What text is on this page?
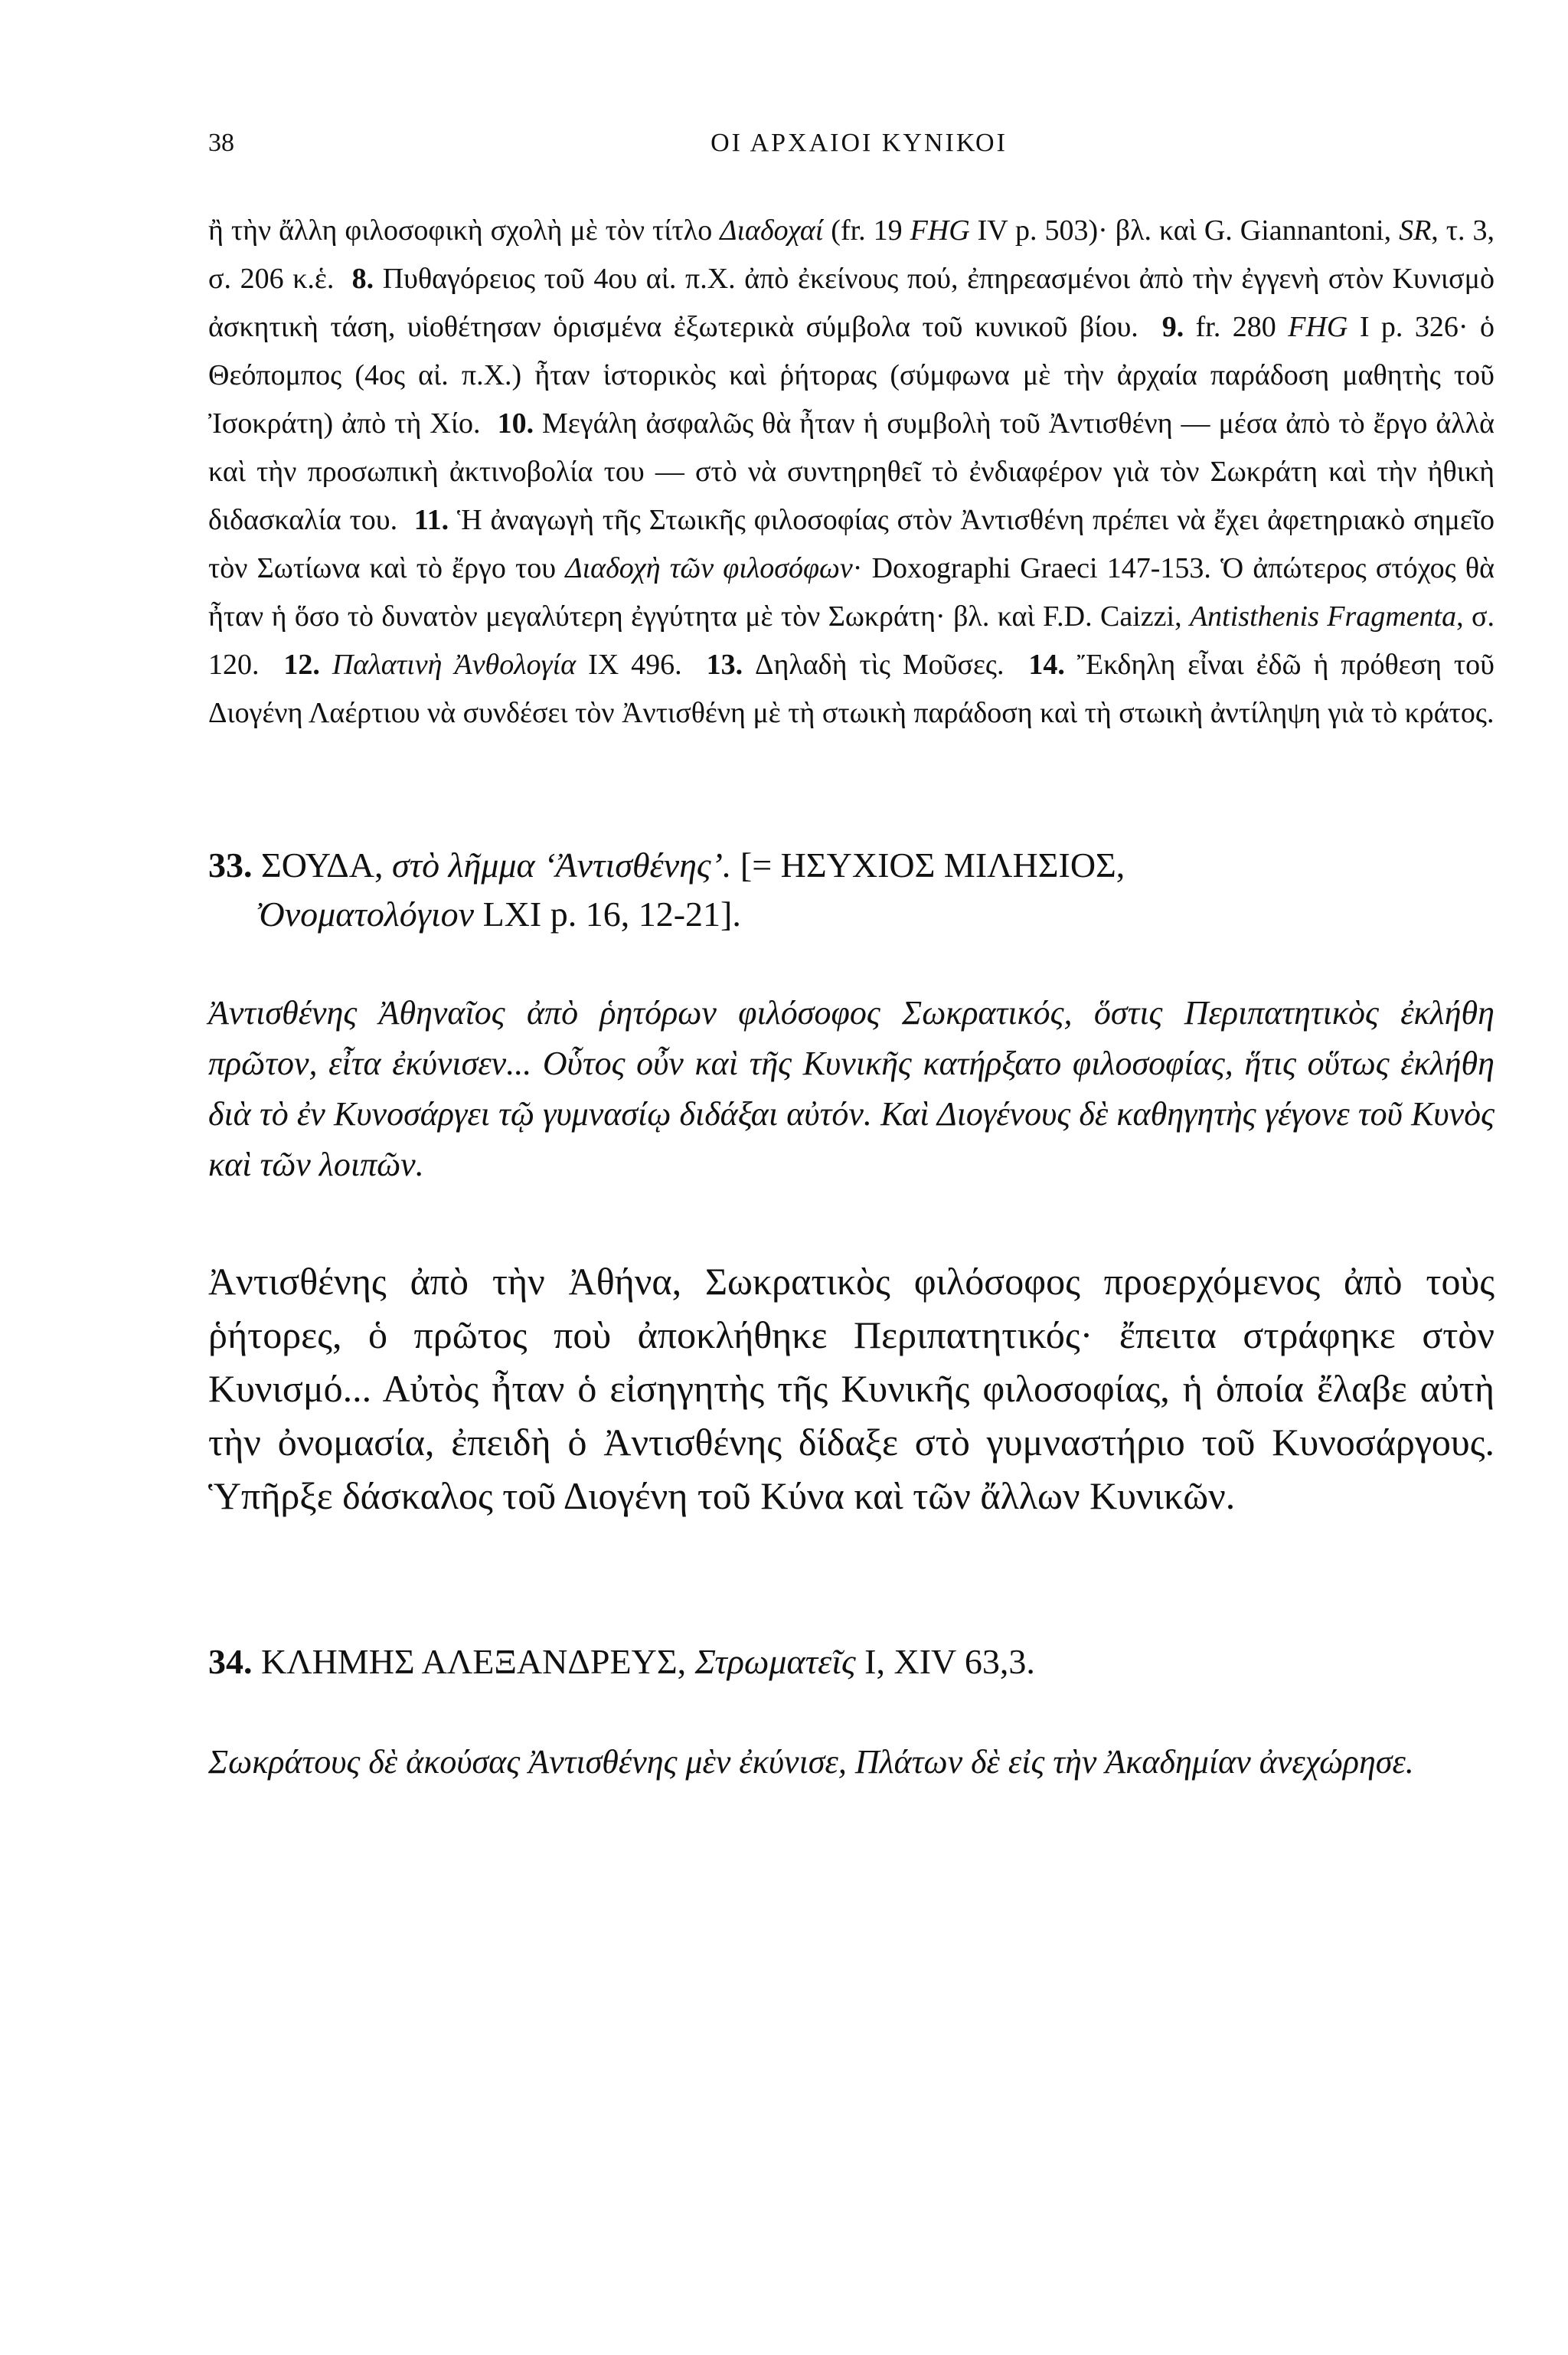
38	ΟΙ ΑΡΧΑΙΟΙ ΚΥΝΙΚΟΙ

ἢ τὴν ἄλλη φιλοσοφικὴ σχολὴ μὲ τὸν τίτλο Διαδοχαί (fr. 19 FHG IV p. 503)· βλ. καὶ G. Giannantoni, SR, τ. 3, σ. 206 κ.ἑ. 8. Πυθαγόρειος τοῦ 4ου αἰ. π.Χ. ἀπὸ ἐκείνους πού, ἐπηρεασμένοι ἀπὸ τὴν ἐγγενὴ στὸν Κυνισμὸ ἀσκητικὴ τάση, υἱοθέτησαν ὁρισμένα ἐξωτερικὰ σύμβολα τοῦ κυνικοῦ βίου. 9. fr. 280 FHG I p. 326· ὁ Θεόπομπος (4ος αἰ. π.Χ.) ἦταν ἱστορικὸς καὶ ῥήτορας (σύμφωνα μὲ τὴν ἀρχαία παράδοση μαθητὴς τοῦ Ἰσοκράτη) ἀπὸ τὴ Χίο. 10. Μεγάλη ἀσφαλῶς θὰ ἦταν ἡ συμβολὴ τοῦ Ἀντισθένη — μέσα ἀπὸ τὸ ἔργο ἀλλὰ καὶ τὴν προσωπικὴ ἀκτινοβολία του — στὸ νὰ συντηρηθεῖ τὸ ἐνδιαφέρον γιὰ τὸν Σωκράτη καὶ τὴν ἠθικὴ διδασκαλία του. 11. Ἡ ἀναγωγὴ τῆς Στωικῆς φιλοσοφίας στὸν Ἀντισθένη πρέπει νὰ ἔχει ἀφετηριακὸ σημεῖο τὸν Σωτίωνα καὶ τὸ ἔργο του Διαδοχὴ τῶν φιλοσόφων· Doxographi Graeci 147-153. Ὁ ἀπώτερος στόχος θὰ ἦταν ἡ ὅσο τὸ δυνατὸν μεγαλύτερη ἐγγύτητα μὲ τὸν Σωκράτη· βλ. καὶ F.D. Caizzi, Antisthenis Fragmenta, σ. 120. 12. Παλατινὴ Ἀνθολογία IX 496. 13. Δηλαδὴ τὶς Μοῦσες. 14. Ἔκδηλη εἶναι ἐδῶ ἡ πρόθεση τοῦ Διογένη Λαέρτιου νὰ συνδέσει τὸν Ἀντισθένη μὲ τὴ στωικὴ παράδοση καὶ τὴ στωικὴ ἀντίληψη γιὰ τὸ κράτος.

33. ΣΟΥΔΑ, στὸ λῆμμα ‘Ἀντισθένης’. [= ΗΣΥΧΙΟΣ ΜΙΛΗΣΙΟΣ,
Ὀνοματολόγιον LXI p. 16, 12-21].

Ἀντισθένης Ἀθηναῖος ἀπὸ ῥητόρων φιλόσοφος Σωκρατικός, ὅστις Περιπατητικὸς ἐκλήθη πρῶτον, εἶτα ἐκύνισεν... Οὗτος οὖν καὶ τῆς Κυνικῆς κατήρξατο φιλοσοφίας, ἥτις οὕτως ἐκλήθη διὰ τὸ ἐν Κυνοσάργει τῷ γυμνασίῳ διδάξαι αὐτόν. Καὶ Διογένους δὲ καθηγητὴς γέγονε τοῦ Κυνὸς καὶ τῶν λοιπῶν.

Ἀντισθένης ἀπὸ τὴν Ἀθήνα, Σωκρατικὸς φιλόσοφος προερχόμενος ἀπὸ τοὺς ῥήτορες, ὁ πρῶτος ποὺ ἀποκλήθηκε Περιπατητικός· ἔπειτα στράφηκε στὸν Κυνισμό... Αὐτὸς ἦταν ὁ εἰσηγητὴς τῆς Κυνικῆς φιλοσοφίας, ἡ ὁποία ἔλαβε αὐτὴ τὴν ὀνομασία, ἐπειδὴ ὁ Ἀντισθένης δίδαξε στὸ γυμναστήριο τοῦ Κυνοσάργους. Ὑπῆρξε δάσκαλος τοῦ Διογένη τοῦ Κύνα καὶ τῶν ἄλλων Κυνικῶν.

34. ΚΛΗΜΗΣ ΑΛΕΞΑΝΔΡΕΥΣ, Στρωματεῖς I, XIV 63,3.

Σωκράτους δὲ ἀκούσας Ἀντισθένης μὲν ἐκύνισε, Πλάτων δὲ εἰς τὴν Ἀκαδημίαν ἀνεχώρησε.
